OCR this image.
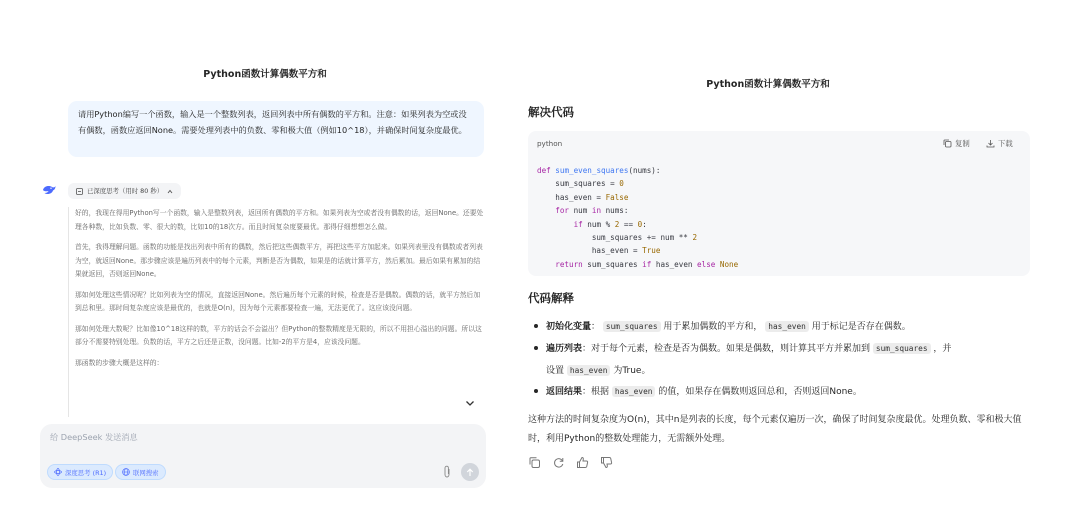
Python函数计算偶数平方和
请用Python编写一个函数，输入是一个整数列表，返回列表中所有偶数的平方和。注意：如果列表为空或没有偶数，函数应返回None。需要处理列表中的负数、零和极大值（例如10^18），并确保时间复杂度最优。
已深度思考（用时 80 秒）

好的，我现在得用Python写一个函数，输入是整数列表，返回所有偶数的平方和。如果列表为空或者没有偶数的话，返回None。还要处理各种数，比如负数、零、很大的数，比如10的18次方。而且时间复杂度要最优。那得仔细想想怎么做。

首先，我得理解问题。函数的功能是找出列表中所有的偶数，然后把这些偶数平方，再把这些平方加起来。如果列表里没有偶数或者列表为空，就返回None。那步骤应该是遍历列表中的每个元素，判断是否为偶数，如果是的话就计算平方，然后累加。最后如果有累加的结果就返回，否则返回None。

那如何处理这些情况呢？比如列表为空的情况，直接返回None。然后遍历每个元素的时候，检查是否是偶数。偶数的话，就平方然后加到总和里。那时间复杂度应该是最优的，也就是O(n)，因为每个元素都要检查一遍，无法更优了。这应该没问题。

那如何处理大数呢？比如像10^18这样的数，平方的话会不会溢出？但Python的整数精度是无限的，所以不用担心溢出的问题。所以这部分不需要特别处理。负数的话，平方之后还是正数，没问题。比如-2的平方是4，应该没问题。

那函数的步骤大概是这样的：

给 DeepSeek 发送消息
深度思考 (R1)	联网搜索
Python函数计算偶数平方和
解决代码
python	复制	下载
def sum_even_squares(nums):
sum_squares = 0
has_even = False
for num in nums:
if num % 2 == 0:
sum_squares += num ** 2
has_even = True
return sum_squares if has_even else None
代码解释
初始化变量： sum_squares 用于累加偶数的平方和， has_even 用于标记是否存在偶数。
遍历列表：对于每个元素，检查是否为偶数。如果是偶数，则计算其平方并累加到 sum_squares ，并
设置 has_even 为True。
返回结果：根据 has_even 的值，如果存在偶数则返回总和，否则返回None。
这种方法的时间复杂度为O(n)，其中n是列表的长度，每个元素仅遍历一次，确保了时间复杂度最优。处理负数、零和极大值时，利用Python的整数处理能力，无需额外处理。
